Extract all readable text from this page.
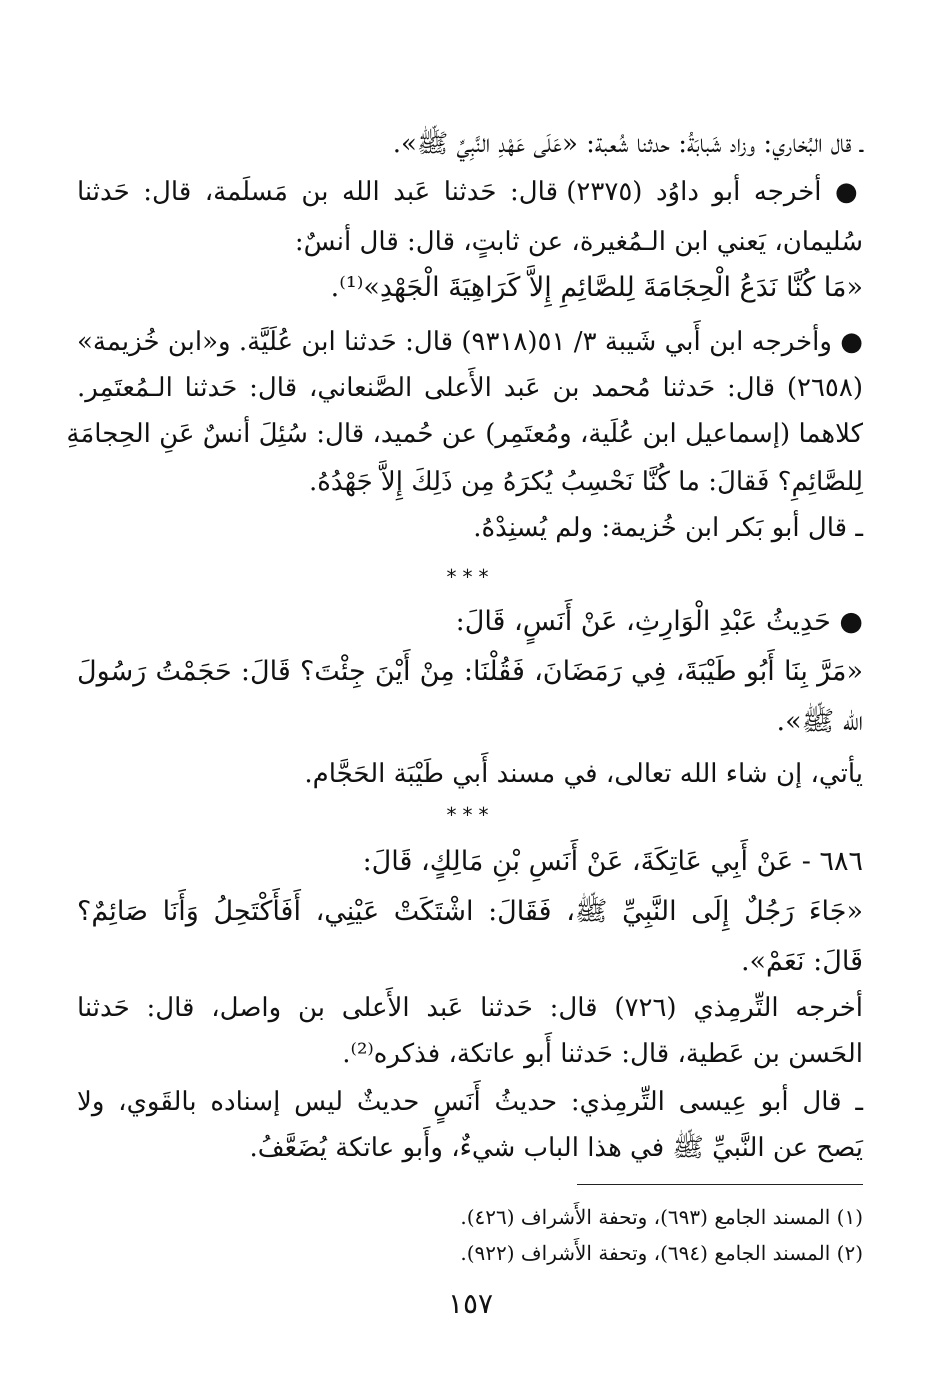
ـ قال البُخاري: وزاد شَبابَةُ: حدثنا شُعبة: «عَلَى عَهْدِ النَّبِيِّ ﷺ».
● أخرجه أبو داوُد (٢٣٧٥) قال: حَدثنا عَبد الله بن مَسلَمة، قال: حَدثنا
سُليمان، يَعني ابن الـمُغيرة، عن ثابتٍ، قال: قال أنسٌ:
«مَا كُنَّا نَدَعُ الْحِجَامَةَ لِلصَّائِمِ إِلاَّ كَرَاهِيَةَ الْجَهْدِ»⁽¹⁾.
● وأخرجه ابن أَبي شَيبة ٣/ ٥١(٩٣١٨) قال: حَدثنا ابن عُلَيَّة. و«ابن خُزيمة»
(٢٦٥٨) قال: حَدثنا مُحمد بن عَبد الأَعلى الصَّنعاني، قال: حَدثنا الـمُعتَمِر.
كلاهما (إسماعيل ابن عُلَية، ومُعتَمِر) عن حُميد، قال: سُئِلَ أنسٌ عَنِ الحِجامَةِ
لِلصَّائِمِ؟ فَقالَ: ما كُنَّا نَحْسِبُ يُكرَهُ مِن ذَلِكَ إِلاَّ جَهْدُهُ.
ـ قال أبو بَكر ابن خُزيمة: ولم يُسنِدْهُ.
***
● حَدِيثُ عَبْدِ الْوَارِثِ، عَنْ أَنَسٍ، قَالَ:
«مَرَّ بِنَا أَبُو طَيْبَةَ، فِي رَمَضَانَ، فَقُلْنَا: مِنْ أَيْنَ جِئْتَ؟ قَالَ: حَجَمْتُ رَسُولَ
الله ﷺ».
يأتي، إن شاء الله تعالى، في مسند أَبي طَيْبَة الحَجَّام.
***
٦٨٦ - عَنْ أَبِي عَاتِكَةَ، عَنْ أَنَسِ بْنِ مَالِكٍ، قَالَ:
«جَاءَ رَجُلٌ إِلَى النَّبِيِّ ﷺ، فَقَالَ: اشْتَكَتْ عَيْنِي، أَفَأَكْتَحِلُ وَأَنَا صَائِمٌ؟
قَالَ: نَعَمْ».
أخرجه التِّرمِذي (٧٢٦) قال: حَدثنا عَبد الأَعلى بن واصل، قال: حَدثنا
الحَسن بن عَطية، قال: حَدثنا أَبو عاتكة، فذكره⁽²⁾.
ـ قال أبو عِيسى التِّرمِذي: حديثُ أَنَسٍ حديثٌ ليس إسناده بالقَوي، ولا
يَصح عن النَّبيِّ ﷺ في هذا الباب شيءٌ، وأَبو عاتكة يُضَعَّفُ.
(١) المسند الجامع (٦٩٣)، وتحفة الأَشراف (٤٢٦).
(٢) المسند الجامع (٦٩٤)، وتحفة الأَشراف (٩٢٢).
١٥٧
